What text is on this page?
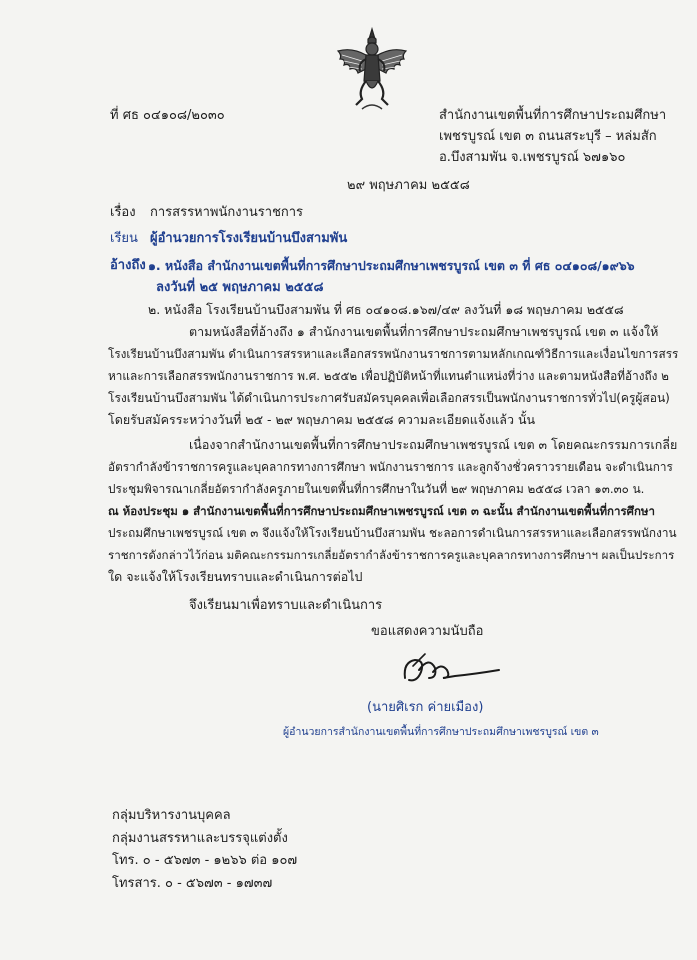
ที่ ศธ ๐๔๑๐๘/๒๐๓๐	สำนักงานเขตพื้นที่การศึกษาประถมศึกษา
เพชรบูรณ์ เขต ๓ ถนนสระบุรี – หล่มสัก
อ.บึงสามพัน จ.เพชรบูรณ์ ๖๗๑๖๐
๒๙ พฤษภาคม ๒๕๕๘
เรื่อง การสรรหาพนักงานราชการ
เรียน ผู้อำนวยการโรงเรียนบ้านบึงสามพัน
อ้างถึง ๑. หนังสือ สำนักงานเขตพื้นที่การศึกษาประถมศึกษาเพชรบูรณ์ เขต ๓ ที่ ศธ ๐๔๑๐๘/๑๙๖๖
ลงวันที่ ๒๕ พฤษภาคม ๒๕๕๘
๒. หนังสือ โรงเรียนบ้านบึงสามพัน ที่ ศธ ๐๔๑๐๘.๑๖๗/๔๙ ลงวันที่ ๑๘ พฤษภาคม ๒๕๕๘
ตามหนังสือที่อ้างถึง ๑ สำนักงานเขตพื้นที่การศึกษาประถมศึกษาเพชรบูรณ์ เขต ๓ แจ้งให้
โรงเรียนบ้านบึงสามพัน ดำเนินการสรรหาและเลือกสรรพนักงานราชการตามหลักเกณฑ์วิธีการและเงื่อนไขการสรร
หาและการเลือกสรรพนักงานราชการ พ.ศ. ๒๕๕๒ เพื่อปฏิบัติหน้าที่แทนตำแหน่งที่ว่าง และตามหนังสือที่อ้างถึง ๒
โรงเรียนบ้านบึงสามพัน ได้ดำเนินการประกาศรับสมัครบุคคลเพื่อเลือกสรรเป็นพนักงานราชการทั่วไป(ครูผู้สอน)
โดยรับสมัครระหว่างวันที่ ๒๕ - ๒๙ พฤษภาคม ๒๕๕๘ ความละเอียดแจ้งแล้ว นั้น
เนื่องจากสำนักงานเขตพื้นที่การศึกษาประถมศึกษาเพชรบูรณ์ เขต ๓ โดยคณะกรรมการเกลี่ย
อัตรากำลังข้าราชการครูและบุคลากรทางการศึกษา พนักงานราชการ และลูกจ้างชั่วคราวรายเดือน จะดำเนินการ
ประชุมพิจารณาเกลี่ยอัตรากำลังครูภายในเขตพื้นที่การศึกษาในวันที่ ๒๙ พฤษภาคม ๒๕๕๘ เวลา ๑๓.๓๐ น.
ณ ห้องประชุม ๑ สำนักงานเขตพื้นที่การศึกษาประถมศึกษาเพชรบูรณ์ เขต ๓ ฉะนั้น สำนักงานเขตพื้นที่การศึกษา
ประถมศึกษาเพชรบูรณ์ เขต ๓ จึงแจ้งให้โรงเรียนบ้านบึงสามพัน ชะลอการดำเนินการสรรหาและเลือกสรรพนักงาน
ราชการดังกล่าวไว้ก่อน มติคณะกรรมการเกลี่ยอัตรากำลังข้าราชการครูและบุคลากรทางการศึกษาฯ ผลเป็นประการ
ใด จะแจ้งให้โรงเรียนทราบและดำเนินการต่อไป
จึงเรียนมาเพื่อทราบและดำเนินการ
ขอแสดงความนับถือ
(นายศิเรก ค่ายเมือง)
ผู้อำนวยการสำนักงานเขตพื้นที่การศึกษาประถมศึกษาเพชรบูรณ์ เขต ๓
กลุ่มบริหารงานบุคคล
กลุ่มงานสรรหาและบรรจุแต่งตั้ง
โทร. ๐ - ๕๖๗๓ - ๑๒๖๖ ต่อ ๑๐๗
โทรสาร. ๐ - ๕๖๗๓ - ๑๗๓๗
